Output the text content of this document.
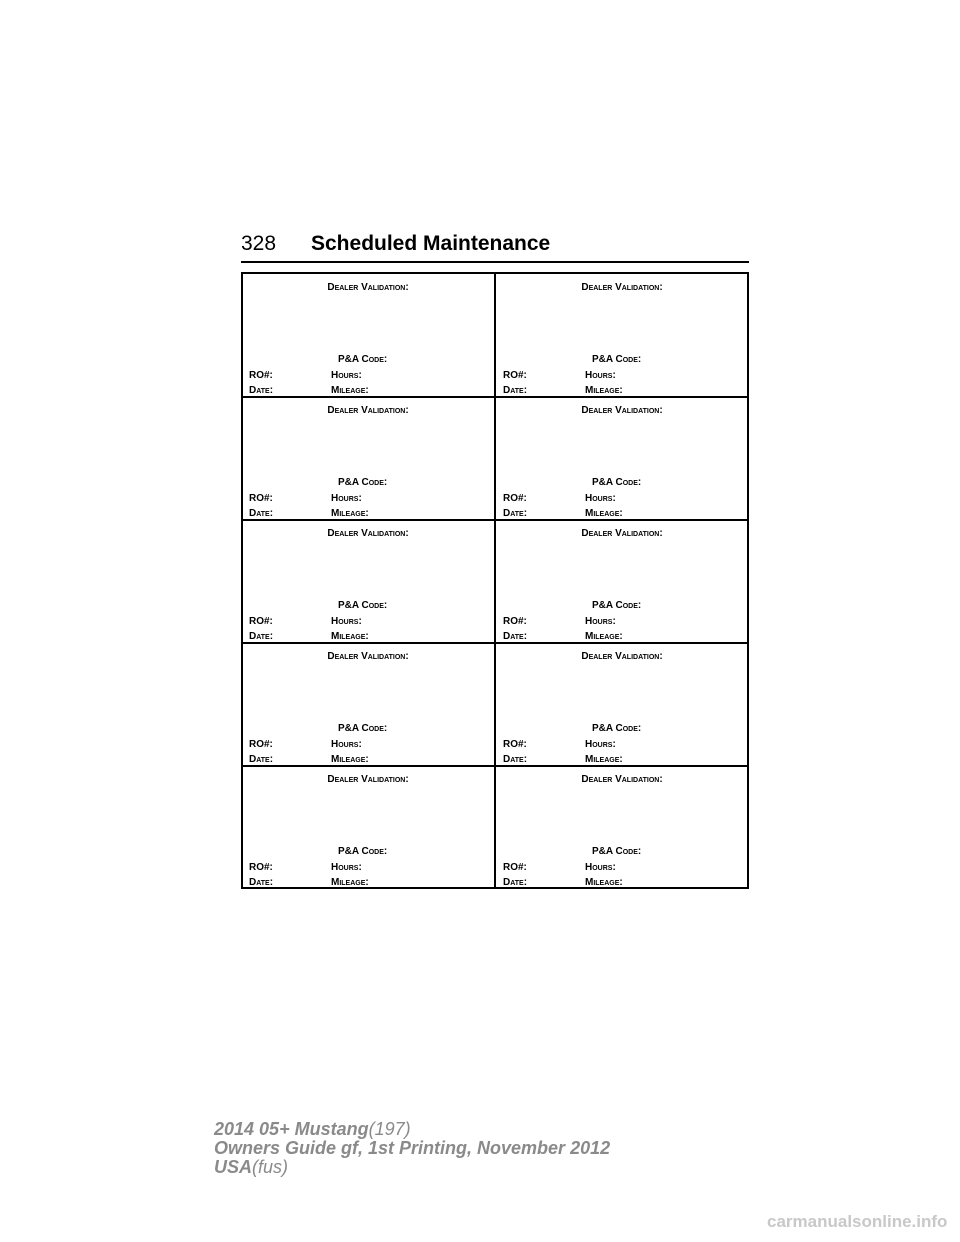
328 Scheduled Maintenance
Dealer Validation:
P&A Code:
RO#:	Hours:
Date:	Mileage:
Dealer Validation:
P&A Code:
RO#:	Hours:
Date:	Mileage:
Dealer Validation:
P&A Code:
RO#:	Hours:
Date:	Mileage:
Dealer Validation:
P&A Code:
RO#:	Hours:
Date:	Mileage:
Dealer Validation:
P&A Code:
RO#:	Hours:
Date:	Mileage:
Dealer Validation:
P&A Code:
RO#:	Hours:
Date:	Mileage:
Dealer Validation:
P&A Code:
RO#:	Hours:
Date:	Mileage:
Dealer Validation:
P&A Code:
RO#:	Hours:
Date:	Mileage:
Dealer Validation:
P&A Code:
RO#:	Hours:
Date:	Mileage:
Dealer Validation:
P&A Code:
RO#:	Hours:
Date:	Mileage:
2014 05+ Mustang(197)
Owners Guide gf, 1st Printing, November 2012
USA(fus)
carmanualsonline.info
